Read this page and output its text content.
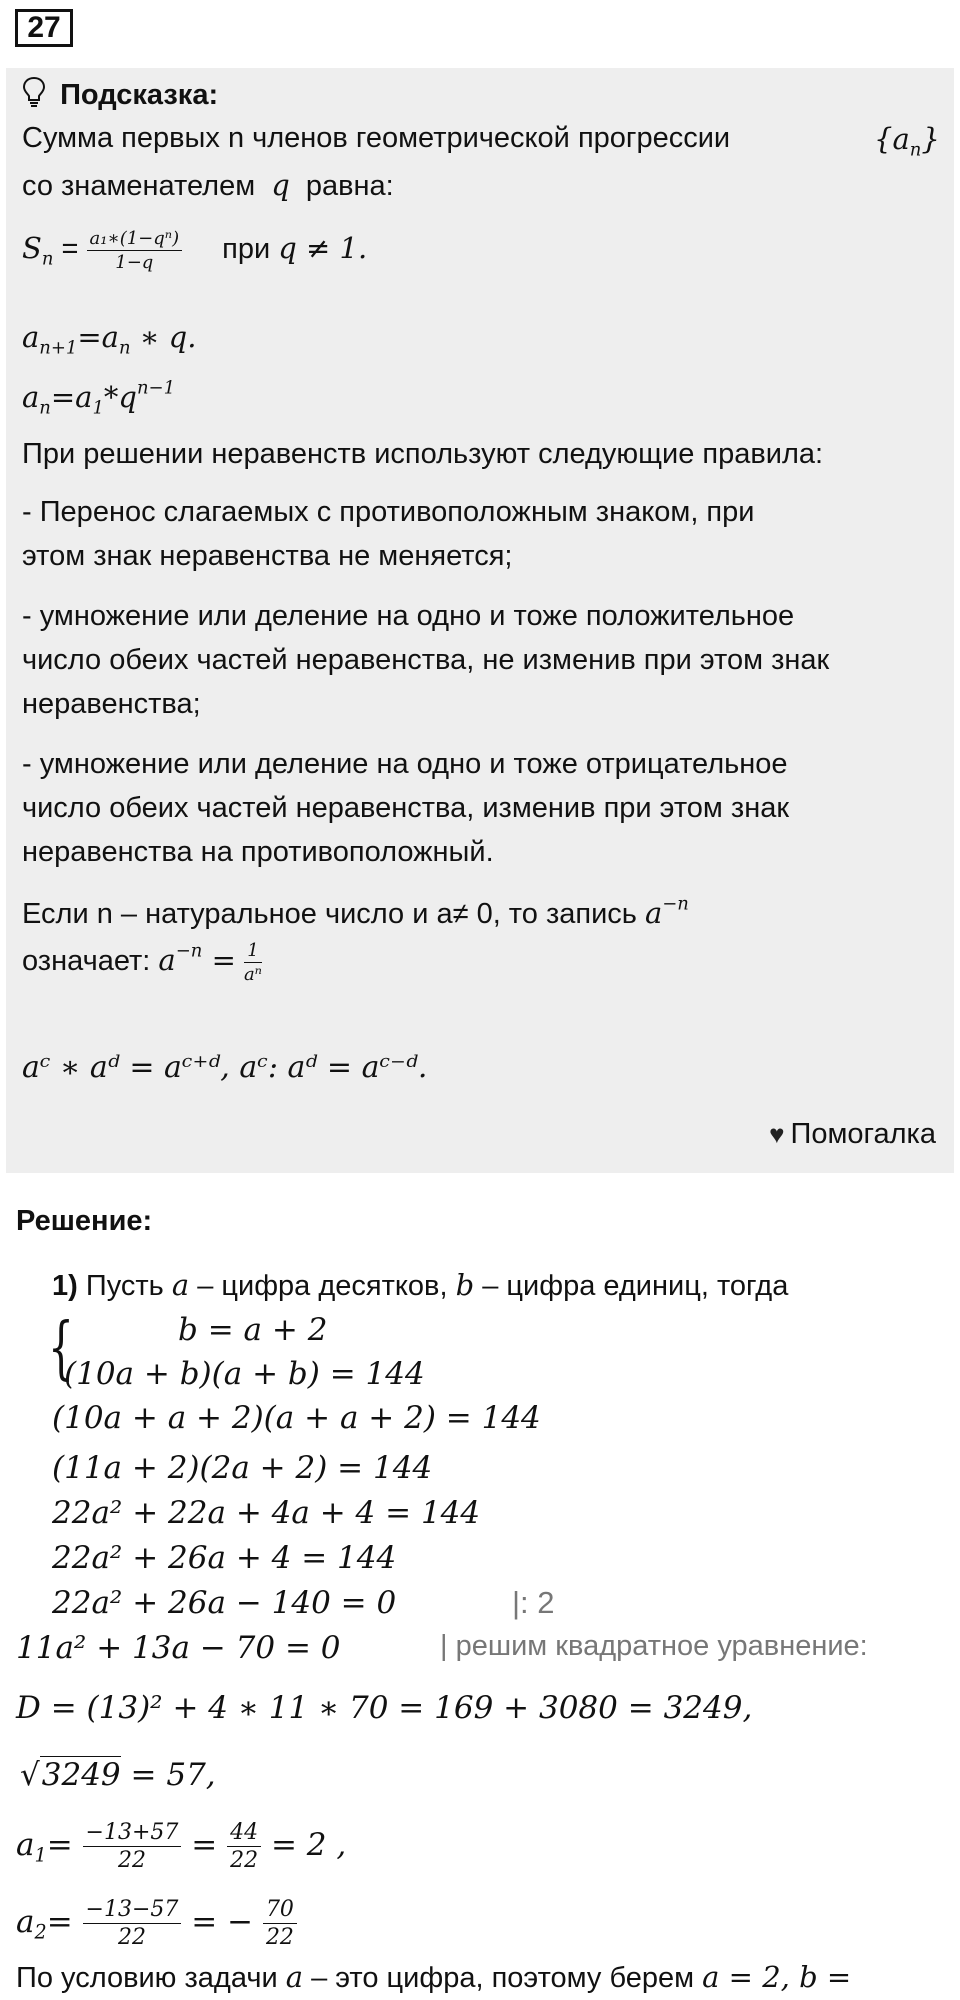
27
Подсказка:
Сумма первых n членов геометрической прогрессии	$\{a_n\}$
со знаменателем q равна:
$S_n = \frac{\text{a₁∗(1−qⁿ)}}{1-q}$ при q ≠ 1.
$a_{n+1}=a_n$ ∗ q.
$a_n=a_1*q^{n-1}$
При решении неравенств используют следующие правила:
- Перенос слагаемых с противоположным знаком, при
этом знак неравенства не меняется;
- умножение или деление на одно и тоже положительное
число обеих частей неравенства, не изменив при этом знак
неравенства;
- умножение или деление на одно и тоже отрицательное
число обеих частей неравенства, изменив при этом знак
неравенства на противоположный.
Если n – натуральное число и a≠ 0, то запись $a^{-n}$
означает: $a^{-n} = \frac{1}{\text{aⁿ}}$
aᶜ ∗ aᵈ = aᶜ⁺ᵈ, aᶜ: aᵈ = aᶜ⁻ᵈ.
♥ Помогалка
Решение:
1) Пусть a – цифра десятков, b – цифра единиц, тогда
{	b = a + 2
(10a + b)(a + b) = 144
(10a + a + 2)(a + a + 2) = 144
(11a + 2)(2a + 2) = 144
22a² + 22a + 4a + 4 = 144
22a² + 26a + 4 = 144
22a² + 26a − 140 = 0	|: 2
11a² + 13a − 70 = 0	| решим квадратное уравнение:
D = (13)² + 4 ∗ 11 ∗ 70 = 169 + 3080 = 3249,
√3249 = 57,
$a_1= \frac{-13+57}{22} = \frac{44}{22} = 2$ ,
$a_2= \frac{-13-57}{22}$ = − $\frac{70}{22}$
По условию задачи a – это цифра, поэтому берем a = 2, b =
